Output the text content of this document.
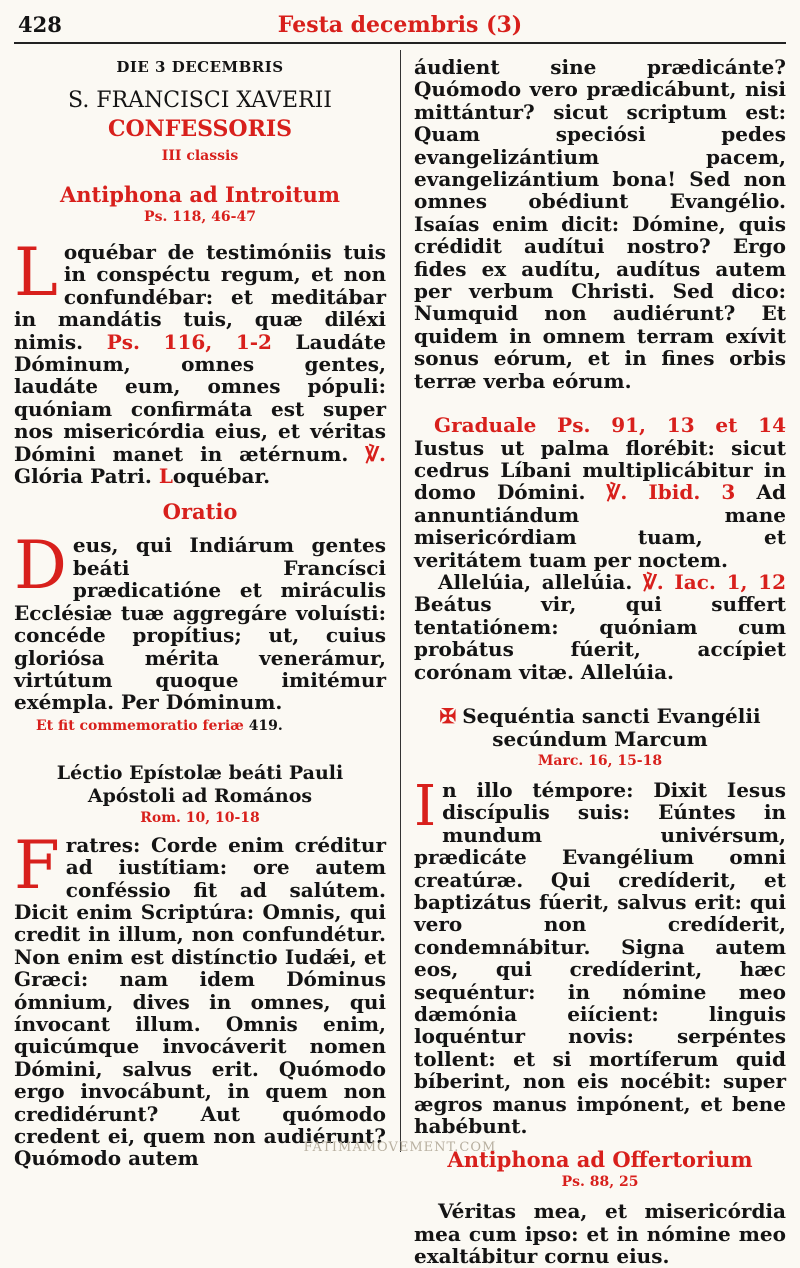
428	Festa decembris (3)
DIE 3 DECEMBRIS
S. FRANCISCI XAVERII
CONFESSORIS
III classis
Antiphona ad Introitum
Ps. 118, 46-47

Loquébar de testimóniis tuis in conspéctu regum, et non confundébar: et meditábar in mandátis tuis, quæ diléxi nimis. Ps. 116, 1-2 Laudáte Dóminum, omnes gentes, laudáte eum, omnes pópuli: quóniam confirmáta est super nos misericórdia eius, et véritas Dómini manet in ætérnum. ℣. Glória Patri. Loquébar.

Oratio

Deus, qui Indiárum gentes beáti Francísci prædicatióne et miráculis Ecclésiæ tuæ aggregáre voluísti: concéde propítius; ut, cuius gloriósa mérita venerámur, virtútum quoque imitémur exémpla. Per Dóminum.

Et fit commemoratio feriæ 419.
Léctio Epístolæ beáti Pauli Apóstoli ad Romános
Rom. 10, 10-18

Fratres: Corde enim créditur ad iustítiam: ore autem conféssio fit ad salútem. Dicit enim Scriptúra: Omnis, qui credit in illum, non confundétur. Non enim est distínctio Iudǽi, et Græci: nam idem Dóminus ómnium, dives in omnes, qui ínvocant illum. Omnis enim, quicúmque invocáverit nomen Dómini, salvus erit. Quómodo ergo invocábunt, in quem non credidérunt? Aut quómodo credent ei, quem non audiérunt? Quómodo autem

áudient sine prædicánte? Quómodo vero prædicábunt, nisi mittántur? sicut scriptum est: Quam speciósi pedes evangelizántium pacem, evangelizántium bona! Sed non omnes obédiunt Evangélio. Isaías enim dicit: Dómine, quis crédidit audítui nostro? Ergo fides ex audítu, audítus autem per verbum Christi. Sed dico: Numquid non audiérunt? Et quidem in omnem terram exívit sonus eórum, et in fines orbis terræ verba eórum.

Graduale Ps. 91, 13 et 14 Iustus ut palma florébit: sicut cedrus Líbani multiplicábitur in domo Dómini. ℣. Ibid. 3 Ad annuntiándum mane misericórdiam tuam, et veritátem tuam per noctem.

Allelúia, allelúia. ℣. Iac. 1, 12 Beátus vir, qui suffert tentatiónem: quóniam cum probátus fúerit, accípiet corónam vitæ. Allelúia.

✠ Sequéntia sancti Evangélii secúndum Marcum
Marc. 16, 15-18

In illo témpore: Dixit Iesus discípulis suis: Eúntes in mundum univérsum, prædicáte Evangélium omni creatúræ. Qui credíderit, et baptizátus fúerit, salvus erit: qui vero non credíderit, condemnábitur. Signa autem eos, qui credíderint, hæc sequéntur: in nómine meo dæmónia eiícient: linguis loquéntur novis: serpéntes tollent: et si mortíferum quid bíberint, non eis nocébit: super ægros manus impónent, et bene habébunt.

Antiphona ad Offertorium
Ps. 88, 25

Véritas mea, et misericórdia mea cum ipso: et in nómine meo exaltábitur cornu eius.

FATIMAMOVEMENT.COM
